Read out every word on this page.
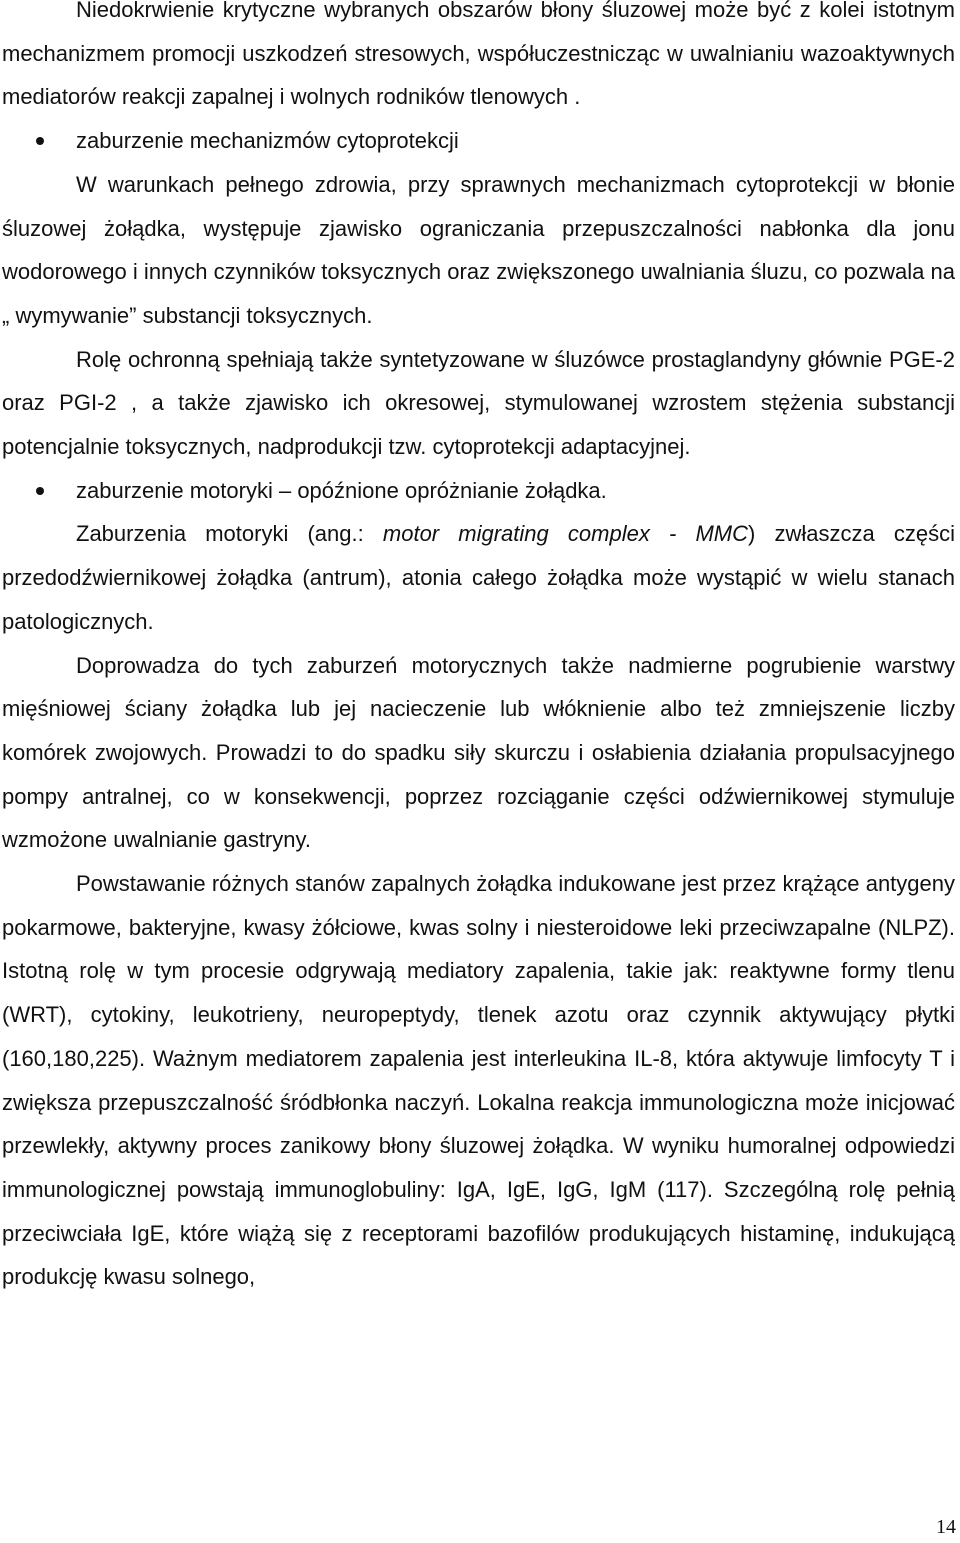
Niedokrwienie krytyczne wybranych obszarów błony śluzowej może być z kolei istotnym mechanizmem promocji uszkodzeń stresowych, współuczestnicząc w uwalnianiu wazoaktywnych mediatorów reakcji zapalnej i wolnych rodników tlenowych .

zaburzenie mechanizmów cytoprotekcji

W warunkach pełnego zdrowia, przy sprawnych mechanizmach cytoprotekcji w błonie śluzowej żołądka, występuje zjawisko ograniczania przepuszczalności nabłonka dla jonu wodorowego i innych czynników toksycznych oraz zwiększonego uwalniania śluzu, co pozwala na „ wymywanie” substancji toksycznych.

Rolę ochronną spełniają także syntetyzowane w śluzówce prostaglandyny głównie PGE-2 oraz PGI-2 , a także zjawisko ich okresowej, stymulowanej wzrostem stężenia substancji potencjalnie toksycznych, nadprodukcji tzw. cytoprotekcji adaptacyjnej.

zaburzenie motoryki – opóźnione opróżnianie żołądka.

Zaburzenia motoryki (ang.: motor migrating complex - MMC) zwłaszcza części przedodźwiernikowej żołądka (antrum), atonia całego żołądka może wystąpić w wielu stanach patologicznych.

Doprowadza do tych zaburzeń motorycznych także nadmierne pogrubienie warstwy mięśniowej ściany żołądka lub jej nacieczenie lub włóknienie albo też zmniejszenie liczby komórek zwojowych. Prowadzi to do spadku siły skurczu i osłabienia działania propulsacyjnego pompy antralnej, co w konsekwencji, poprzez rozciąganie części odźwiernikowej stymuluje wzmożone uwalnianie gastryny.

Powstawanie różnych stanów zapalnych żołądka indukowane jest przez krążące antygeny pokarmowe, bakteryjne, kwasy żółciowe, kwas solny i niesteroidowe leki przeciwzapalne (NLPZ). Istotną rolę w tym procesie odgrywają mediatory zapalenia, takie jak: reaktywne formy tlenu (WRT), cytokiny, leukotrieny, neuropeptydy, tlenek azotu oraz czynnik aktywujący płytki (160,180,225). Ważnym mediatorem zapalenia jest interleukina IL-8, która aktywuje limfocyty T i zwiększa przepuszczalność śródbłonka naczyń. Lokalna reakcja immunologiczna może inicjować przewlekły, aktywny proces zanikowy błony śluzowej żołądka. W wyniku humoralnej odpowiedzi immunologicznej powstają immunoglobuliny: IgA, IgE, IgG, IgM (117). Szczególną rolę pełnią przeciwciała IgE, które wiążą się z receptorami bazofilów produkujących histaminę, indukującą produkcję kwasu solnego,

14
